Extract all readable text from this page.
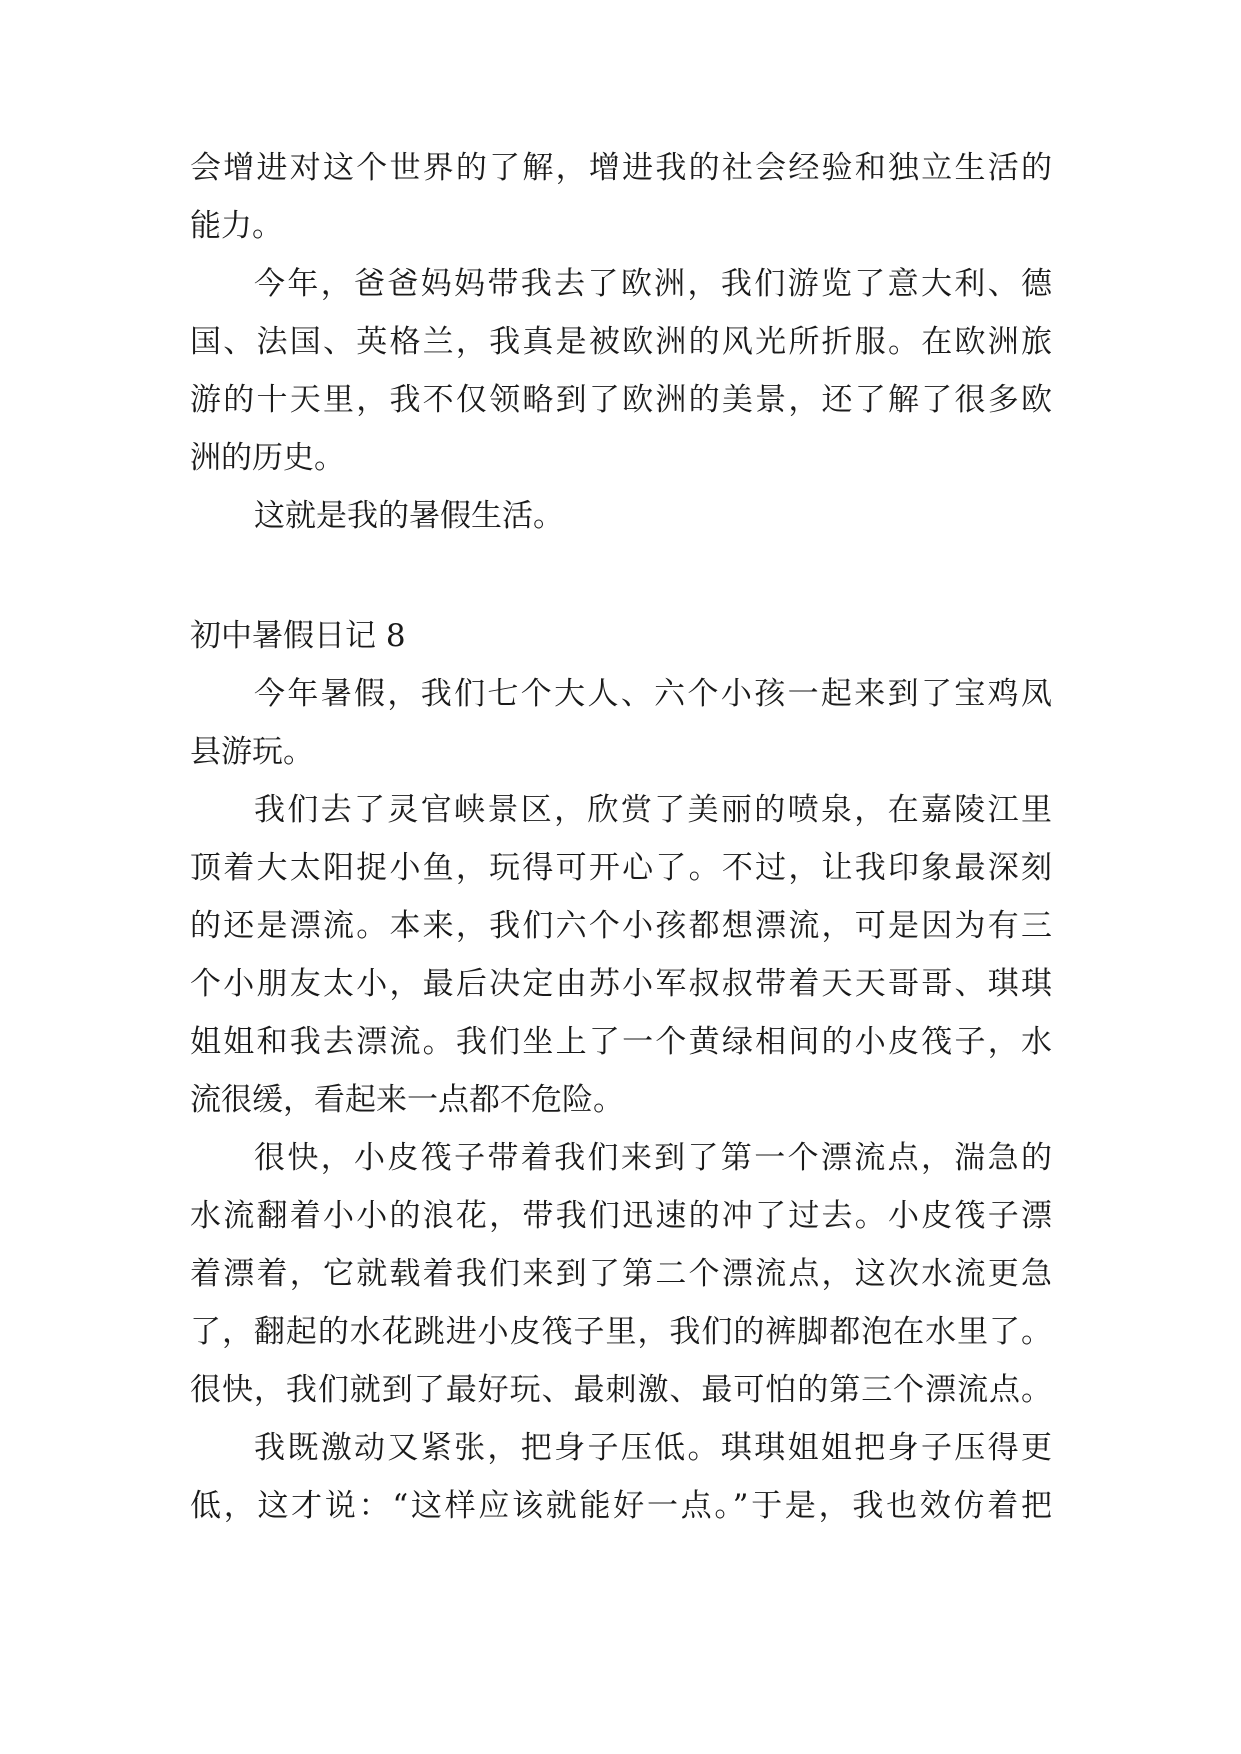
会增进对这个世界的了解，增进我的社会经验和独立生活的
能力。
今年，爸爸妈妈带我去了欧洲，我们游览了意大利、德
国、法国、英格兰，我真是被欧洲的风光所折服。在欧洲旅
游的十天里，我不仅领略到了欧洲的美景，还了解了很多欧
洲的历史。
这就是我的暑假生活。
初中暑假日记 8
今年暑假，我们七个大人、六个小孩一起来到了宝鸡凤
县游玩。
我们去了灵官峡景区，欣赏了美丽的喷泉，在嘉陵江里
顶着大太阳捉小鱼，玩得可开心了。不过，让我印象最深刻
的还是漂流。本来，我们六个小孩都想漂流，可是因为有三
个小朋友太小，最后决定由苏小军叔叔带着天天哥哥、琪琪
姐姐和我去漂流。我们坐上了一个黄绿相间的小皮筏子，水
流很缓，看起来一点都不危险。
很快，小皮筏子带着我们来到了第一个漂流点，湍急的
水流翻着小小的浪花，带我们迅速的冲了过去。小皮筏子漂
着漂着，它就载着我们来到了第二个漂流点，这次水流更急
了，翻起的水花跳进小皮筏子里，我们的裤脚都泡在水里了。
很快，我们就到了最好玩、最刺激、最可怕的第三个漂流点。
我既激动又紧张，把身子压低。琪琪姐姐把身子压得更
低，这才说：“这样应该就能好一点。”于是，我也效仿着把
